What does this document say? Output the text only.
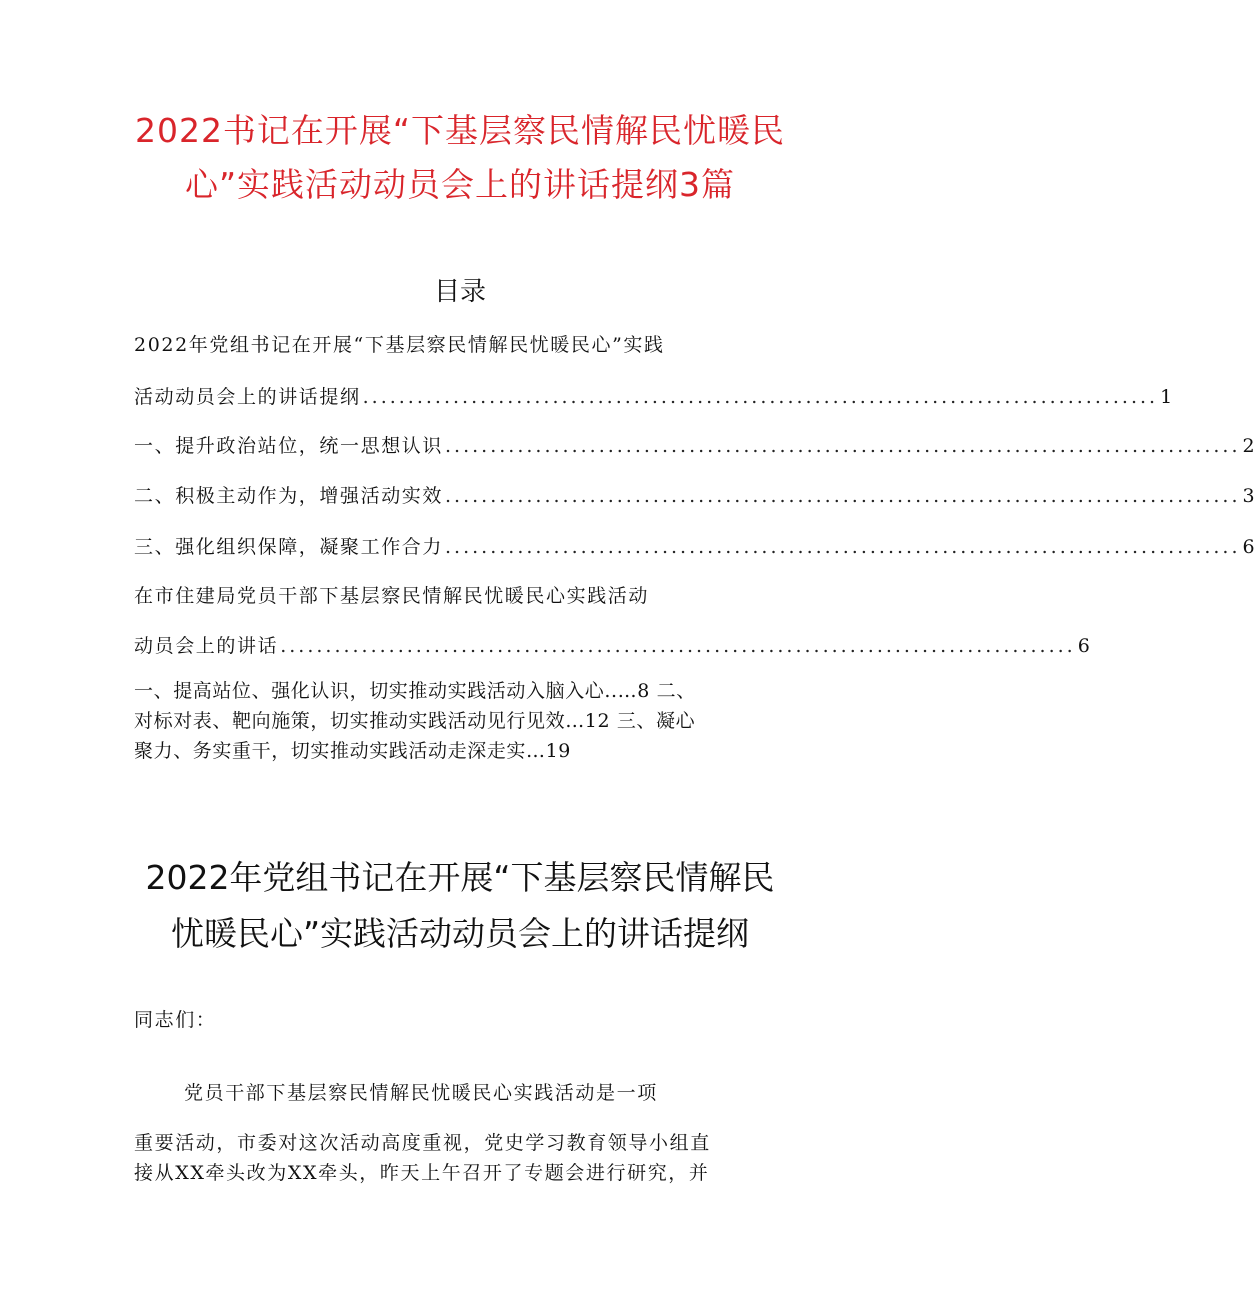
2022书记在开展“下基层察民情解民忧暖民
心”实践活动动员会上的讲话提纲3篇
目录
2022年党组书记在开展“下基层察民情解民忧暖民心”实践
活动动员会上的讲话提纲 ........................................................................................ 1
一、提升政治站位，统一思想认识 ........................................................................................ 2
二、积极主动作为，增强活动实效 ........................................................................................ 3
三、强化组织保障，凝聚工作合力 ........................................................................................ 6
在市住建局党员干部下基层察民情解民忧暖民心实践活动
动员会上的讲话 ........................................................................................ 6
一、提高站位、强化认识，切实推动实践活动入脑入心..…8 二、
对标对表、靶向施策，切实推动实践活动见行见效…12 三、凝心
聚力、务实重干，切实推动实践活动走深走实…19
2022年党组书记在开展“下基层察民情解民
忧暖民心”实践活动动员会上的讲话提纲
同志们：
党员干部下基层察民情解民忧暖民心实践活动是一项
重要活动，市委对这次活动高度重视，党史学习教育领导小组直
接从XX牵头改为XX牵头，昨天上午召开了专题会进行研究，并
